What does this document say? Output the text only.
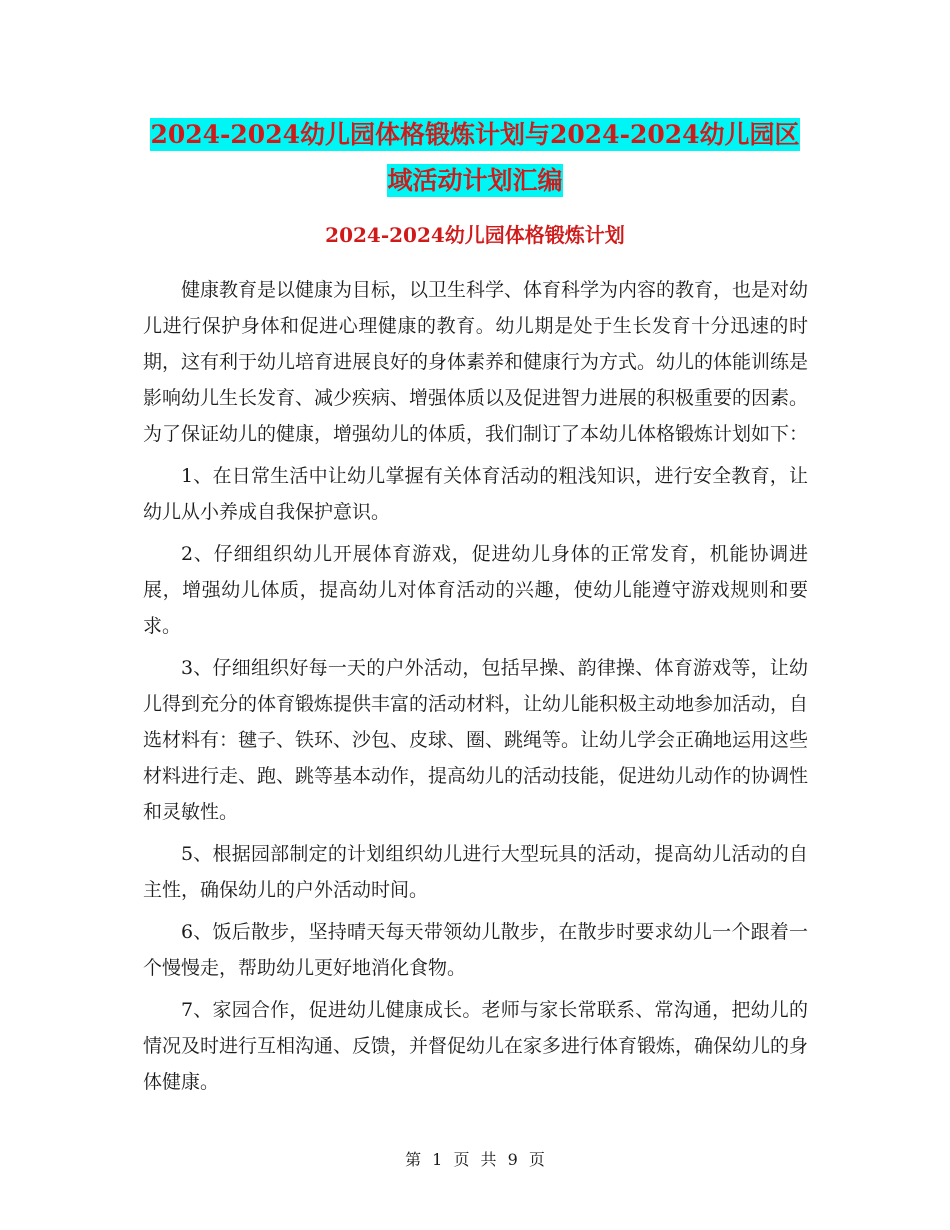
2024-2024幼儿园体格锻炼计划与2024-2024幼儿园区
域活动计划汇编
2024-2024幼儿园体格锻炼计划

健康教育是以健康为目标，以卫生科学、体育科学为内容的教育，也是对幼儿进行保护身体和促进心理健康的教育。幼儿期是处于生长发育十分迅速的时期，这有利于幼儿培育进展良好的身体素养和健康行为方式。幼儿的体能训练是影响幼儿生长发育、减少疾病、增强体质以及促进智力进展的积极重要的因素。为了保证幼儿的健康，增强幼儿的体质，我们制订了本幼儿体格锻炼计划如下：

1、在日常生活中让幼儿掌握有关体育活动的粗浅知识，进行安全教育，让幼儿从小养成自我保护意识。

2、仔细组织幼儿开展体育游戏，促进幼儿身体的正常发育，机能协调进展，增强幼儿体质，提高幼儿对体育活动的兴趣，使幼儿能遵守游戏规则和要求。

3、仔细组织好每一天的户外活动，包括早操、韵律操、体育游戏等，让幼儿得到充分的体育锻炼提供丰富的活动材料，让幼儿能积极主动地参加活动，自选材料有：毽子、铁环、沙包、皮球、圈、跳绳等。让幼儿学会正确地运用这些材料进行走、跑、跳等基本动作，提高幼儿的活动技能，促进幼儿动作的协调性和灵敏性。

5、根据园部制定的计划组织幼儿进行大型玩具的活动，提高幼儿活动的自主性，确保幼儿的户外活动时间。

6、饭后散步，坚持晴天每天带领幼儿散步，在散步时要求幼儿一个跟着一个慢慢走，帮助幼儿更好地消化食物。

7、家园合作，促进幼儿健康成长。老师与家长常联系、常沟通，把幼儿的情况及时进行互相沟通、反馈，并督促幼儿在家多进行体育锻炼，确保幼儿的身体健康。

第 1 页 共 9 页
